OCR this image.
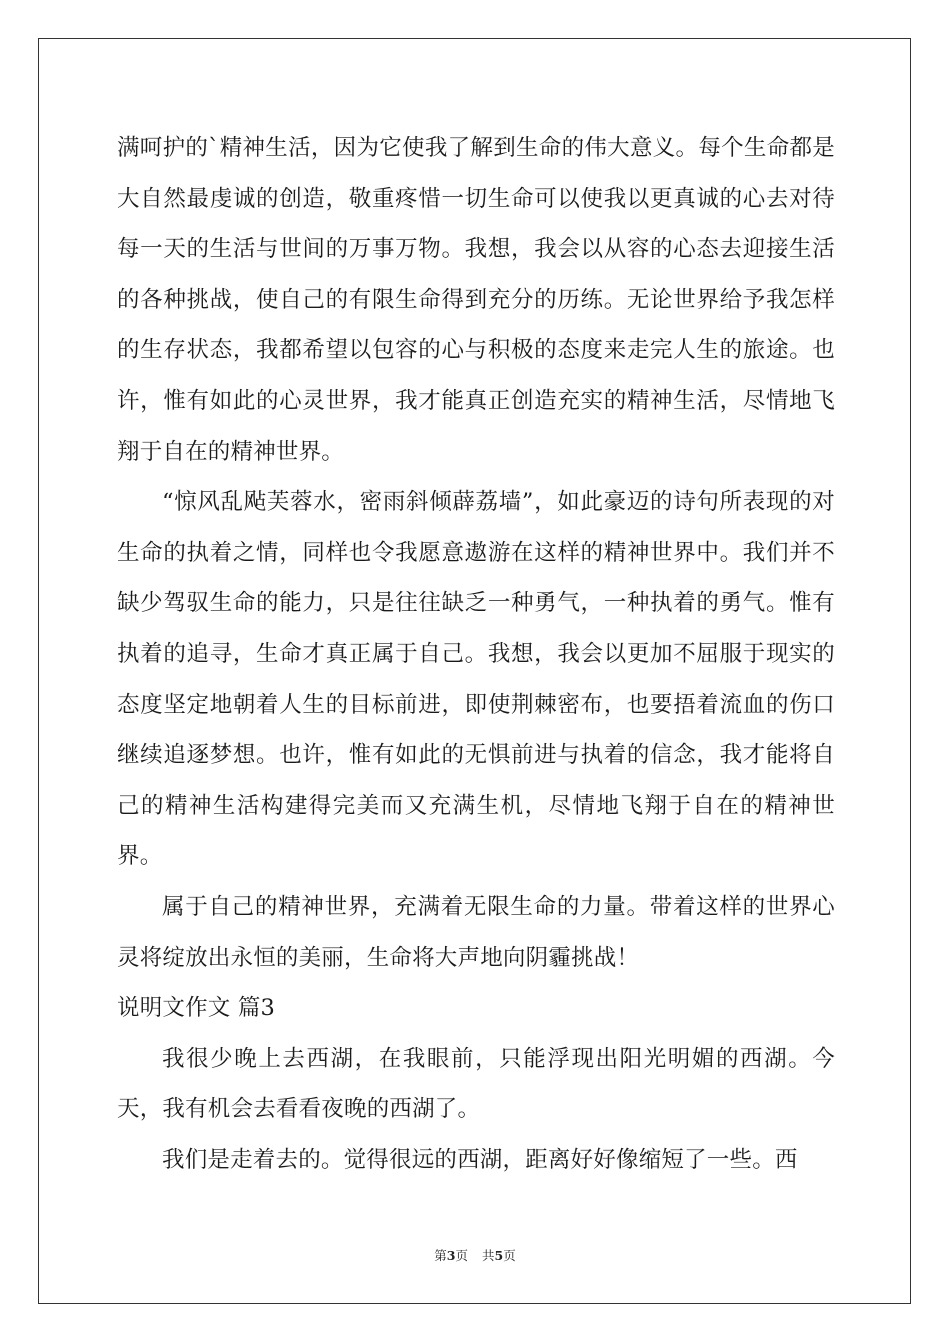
满呵护的`精神生活，因为它使我了解到生命的伟大意义。每个生命都是大自然最虔诚的创造，敬重疼惜一切生命可以使我以更真诚的心去对待每一天的生活与世间的万事万物。我想，我会以从容的心态去迎接生活的各种挑战，使自己的有限生命得到充分的历练。无论世界给予我怎样的生存状态，我都希望以包容的心与积极的态度来走完人生的旅途。也许，惟有如此的心灵世界，我才能真正创造充实的精神生活，尽情地飞翔于自在的精神世界。

“惊风乱飐芙蓉水，密雨斜倾薜荔墙”，如此豪迈的诗句所表现的对生命的执着之情，同样也令我愿意遨游在这样的精神世界中。我们并不缺少驾驭生命的能力，只是往往缺乏一种勇气，一种执着的勇气。惟有执着的追寻，生命才真正属于自己。我想，我会以更加不屈服于现实的态度坚定地朝着人生的目标前进，即使荆棘密布，也要捂着流血的伤口继续追逐梦想。也许，惟有如此的无惧前进与执着的信念，我才能将自己的精神生活构建得完美而又充满生机，尽情地飞翔于自在的精神世界。

属于自己的精神世界，充满着无限生命的力量。带着这样的世界心灵将绽放出永恒的美丽，生命将大声地向阴霾挑战！

说明文作文 篇3

我很少晚上去西湖，在我眼前，只能浮现出阳光明媚的西湖。今天，我有机会去看看夜晚的西湖了。

我们是走着去的。觉得很远的西湖，距离好好像缩短了一些。西

第3页 共5页
